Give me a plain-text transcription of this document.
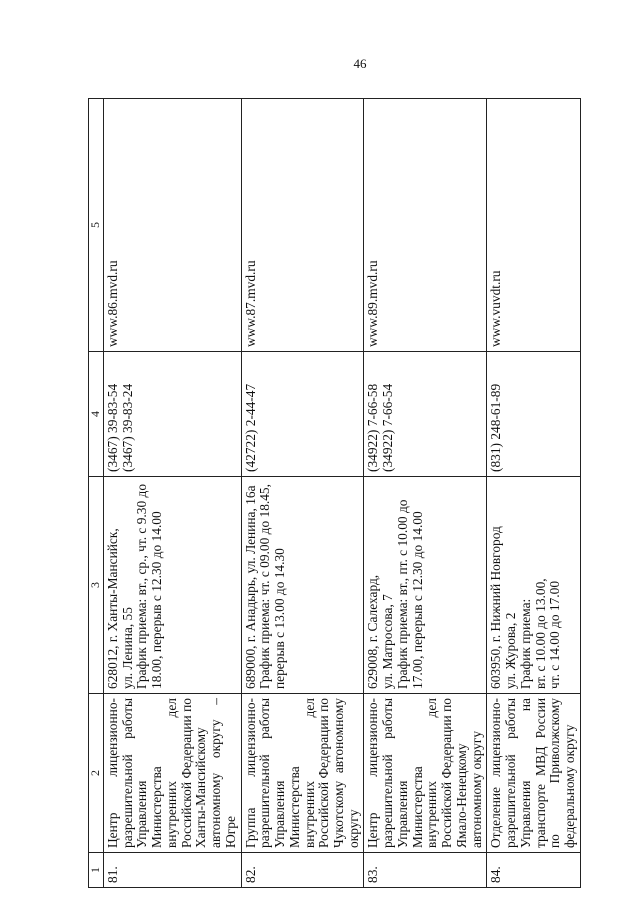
46
1	2	3	4	5
81.	Центр лицензионно-разрешительной работы Управления Министерства внутренних дел Российской Федерации по Ханты-Мансийскому автономному округу – Югре	628012, г. Ханты-Мансийск,
ул. Ленина, 55
График приема: вт., ср., чт. с 9.30 до 18.00, перерыв с 12.30 до 14.00	(3467) 39-83-54
(3467) 39-83-24	www.86.mvd.ru
82.	Группа лицензионно-разрешительной работы Управления Министерства внутренних дел Российской Федерации по Чукотскому автономному округу	689000, г. Анадырь, ул. Ленина, 16а
График приема: чт. с 09.00 до 18.45, перерыв с 13.00 до 14.30	(42722) 2-44-47	www.87.mvd.ru
83.	Центр лицензионно-разрешительной работы Управления Министерства внутренних дел Российской Федерации по Ямало-Ненецкому автономному округу	629008, г. Салехард,
ул. Матросова, 7
График приема: вт., пт. с 10.00 до 17.00, перерыв с 12.30 до 14.00	(34922) 7-66-58
(34922) 7-66-54	www.89.mvd.ru
84.	Отделение лицензионно-разрешительной работы Управления на транспорте МВД России по Приволжскому федеральному округу	603950, г. Нижний Новгород
ул. Журова, 2
График приема:
вт. с 10.00 до 13.00,
чт. с 14.00 до 17.00	(831) 248-61-89	www.vuvdt.ru
